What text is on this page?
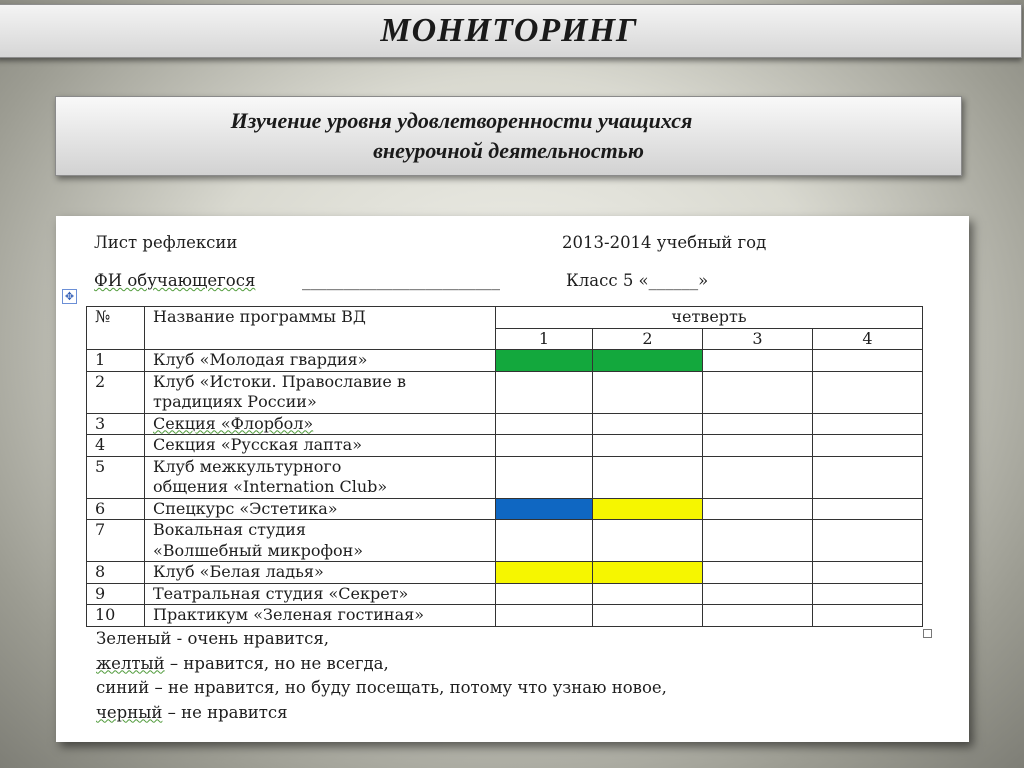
МОНИТОРИНГ
Изучение уровня удовлетворенности учащихся
внеурочной деятельностью
Лист рефлексии	2013-2014 учебный год
ФИ обучающегося	________________________	Класс 5 «______»
✥
№	Название программы ВД	четверть			
		1	2	3	4
1	Клуб «Молодая гвардия»				
2	Клуб «Истоки. Православие в
традициях России»				
3	Секция «Флорбол»				
4	Секция «Русская лапта»				
5	Клуб межкультурного
общения «Internation Club»				
6	Спецкурс «Эстетика»				
7	Вокальная студия
«Волшебный микрофон»				
8	Клуб «Белая ладья»				
9	Театральная студия «Секрет»				
10	Практикум «Зеленая гостиная»				
Зеленый - очень нравится,
желтый – нравится, но не всегда,
синий – не нравится, но буду посещать, потому что узнаю новое,
черный – не нравится
